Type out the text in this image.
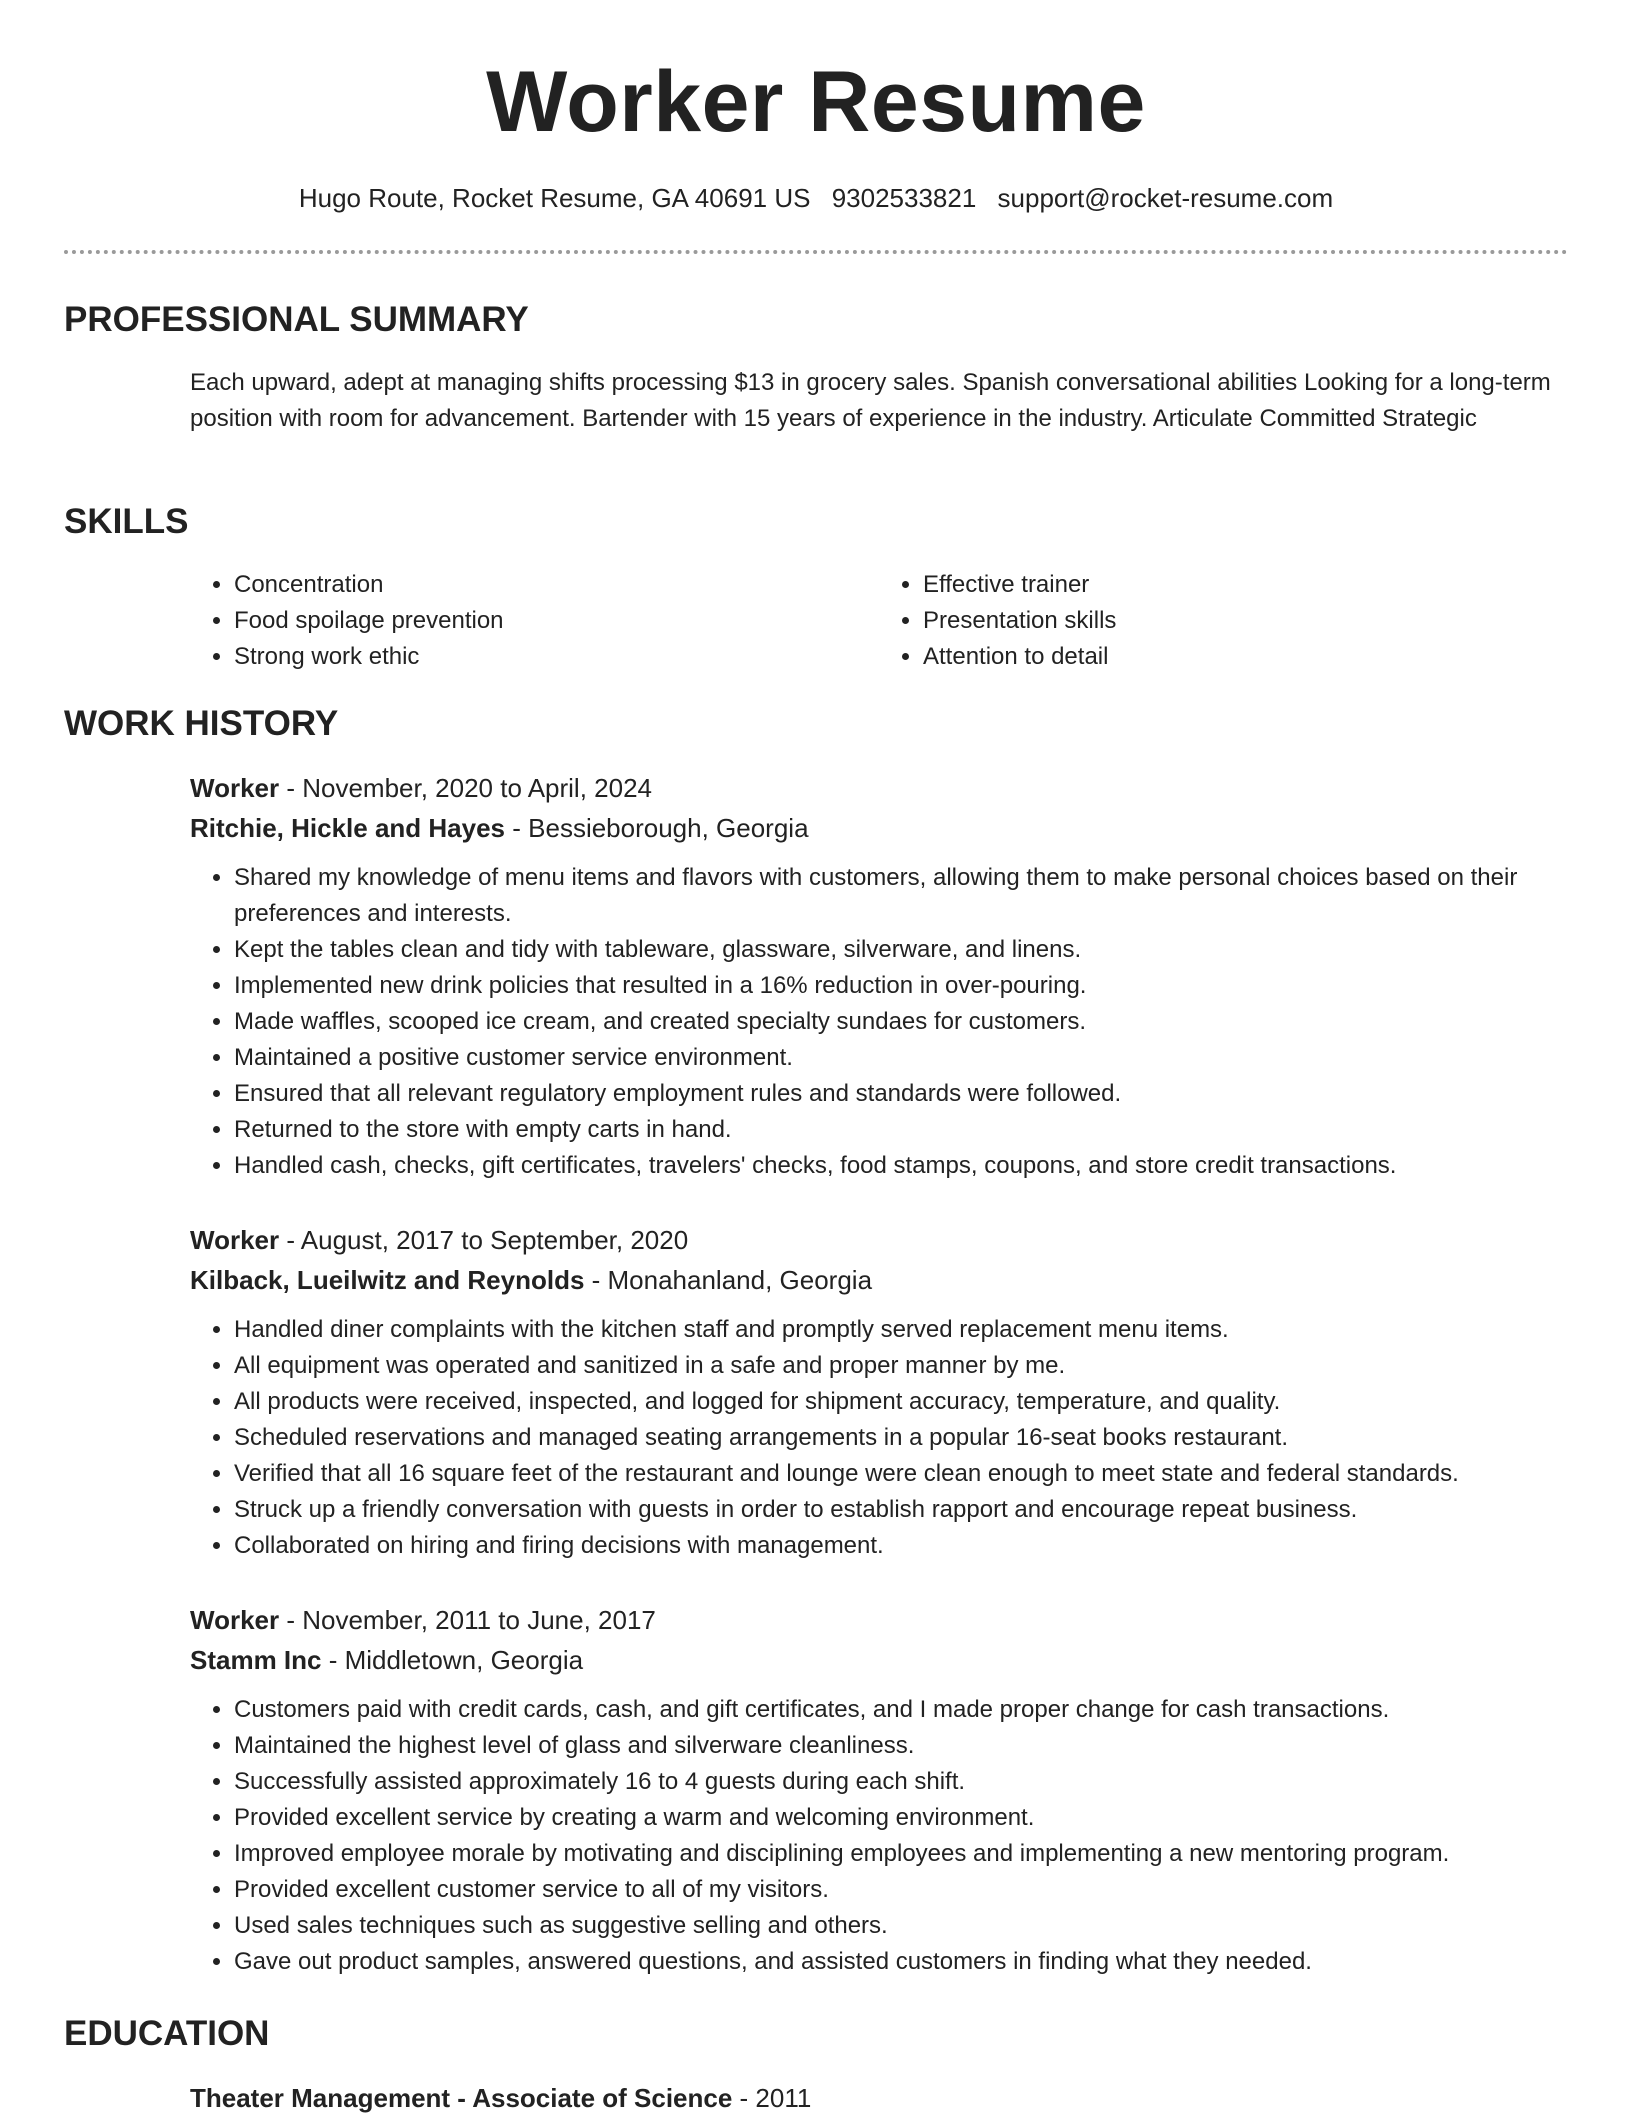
Worker Resume
Hugo Route, Rocket Resume, GA 40691 US 9302533821 support@rocket-resume.com
PROFESSIONAL SUMMARY
Each upward, adept at managing shifts processing $13 in grocery sales. Spanish conversational abilities Looking for a long-term position with room for advancement. Bartender with 15 years of experience in the industry. Articulate Committed Strategic
SKILLS
• Concentration
• Food spoilage prevention
• Strong work ethic
• Effective trainer
• Presentation skills
• Attention to detail
WORK HISTORY
Worker - November, 2020 to April, 2024
Ritchie, Hickle and Hayes - Bessieborough, Georgia
• Shared my knowledge of menu items and flavors with customers, allowing them to make personal choices based on their preferences and interests.
• Kept the tables clean and tidy with tableware, glassware, silverware, and linens.
• Implemented new drink policies that resulted in a 16% reduction in over-pouring.
• Made waffles, scooped ice cream, and created specialty sundaes for customers.
• Maintained a positive customer service environment.
• Ensured that all relevant regulatory employment rules and standards were followed.
• Returned to the store with empty carts in hand.
• Handled cash, checks, gift certificates, travelers' checks, food stamps, coupons, and store credit transactions.
Worker - August, 2017 to September, 2020
Kilback, Lueilwitz and Reynolds - Monahanland, Georgia
• Handled diner complaints with the kitchen staff and promptly served replacement menu items.
• All equipment was operated and sanitized in a safe and proper manner by me.
• All products were received, inspected, and logged for shipment accuracy, temperature, and quality.
• Scheduled reservations and managed seating arrangements in a popular 16-seat books restaurant.
• Verified that all 16 square feet of the restaurant and lounge were clean enough to meet state and federal standards.
• Struck up a friendly conversation with guests in order to establish rapport and encourage repeat business.
• Collaborated on hiring and firing decisions with management.
Worker - November, 2011 to June, 2017
Stamm Inc - Middletown, Georgia
• Customers paid with credit cards, cash, and gift certificates, and I made proper change for cash transactions.
• Maintained the highest level of glass and silverware cleanliness.
• Successfully assisted approximately 16 to 4 guests during each shift.
• Provided excellent service by creating a warm and welcoming environment.
• Improved employee morale by motivating and disciplining employees and implementing a new mentoring program.
• Provided excellent customer service to all of my visitors.
• Used sales techniques such as suggestive selling and others.
• Gave out product samples, answered questions, and assisted customers in finding what they needed.
EDUCATION
Theater Management - Associate of Science - 2011
